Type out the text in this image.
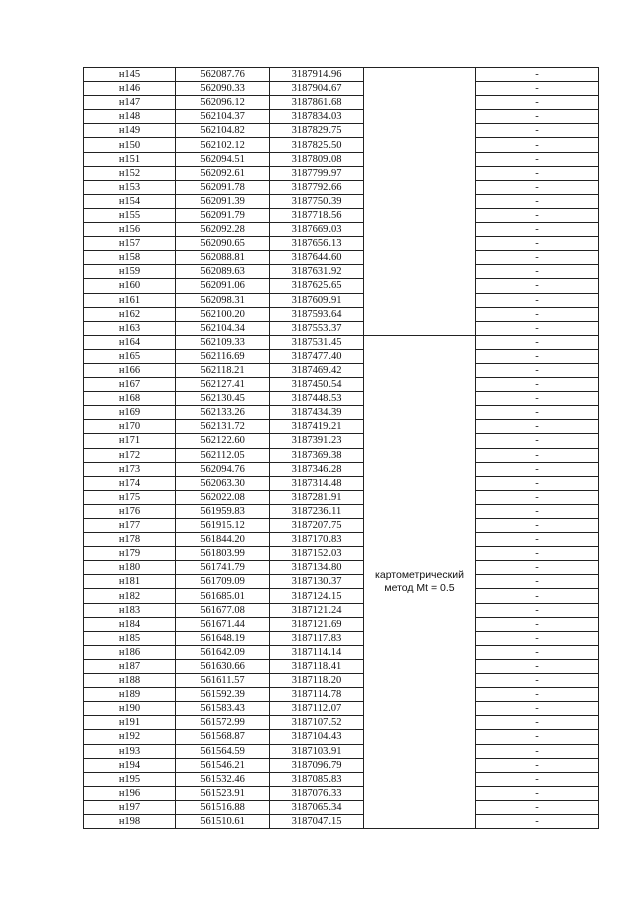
н145	562087.76	3187914.96		-
н146	562090.33	3187904.67		-
н147	562096.12	3187861.68		-
н148	562104.37	3187834.03		-
н149	562104.82	3187829.75		-
н150	562102.12	3187825.50		-
н151	562094.51	3187809.08		-
н152	562092.61	3187799.97		-
н153	562091.78	3187792.66		-
н154	562091.39	3187750.39		-
н155	562091.79	3187718.56		-
н156	562092.28	3187669.03		-
н157	562090.65	3187656.13		-
н158	562088.81	3187644.60		-
н159	562089.63	3187631.92		-
н160	562091.06	3187625.65		-
н161	562098.31	3187609.91		-
н162	562100.20	3187593.64		-
н163	562104.34	3187553.37		-
н164	562109.33	3187531.45	картометрический
метод Mt = 0.5	-
н165	562116.69	3187477.40		-
н166	562118.21	3187469.42		-
н167	562127.41	3187450.54		-
н168	562130.45	3187448.53		-
н169	562133.26	3187434.39		-
н170	562131.72	3187419.21		-
н171	562122.60	3187391.23		-
н172	562112.05	3187369.38		-
н173	562094.76	3187346.28		-
н174	562063.30	3187314.48		-
н175	562022.08	3187281.91		-
н176	561959.83	3187236.11		-
н177	561915.12	3187207.75		-
н178	561844.20	3187170.83		-
н179	561803.99	3187152.03		-
н180	561741.79	3187134.80		-
н181	561709.09	3187130.37		-
н182	561685.01	3187124.15		-
н183	561677.08	3187121.24		-
н184	561671.44	3187121.69		-
н185	561648.19	3187117.83		-
н186	561642.09	3187114.14		-
н187	561630.66	3187118.41		-
н188	561611.57	3187118.20		-
н189	561592.39	3187114.78		-
н190	561583.43	3187112.07		-
н191	561572.99	3187107.52		-
н192	561568.87	3187104.43		-
н193	561564.59	3187103.91		-
н194	561546.21	3187096.79		-
н195	561532.46	3187085.83		-
н196	561523.91	3187076.33		-
н197	561516.88	3187065.34		-
н198	561510.61	3187047.15		-
